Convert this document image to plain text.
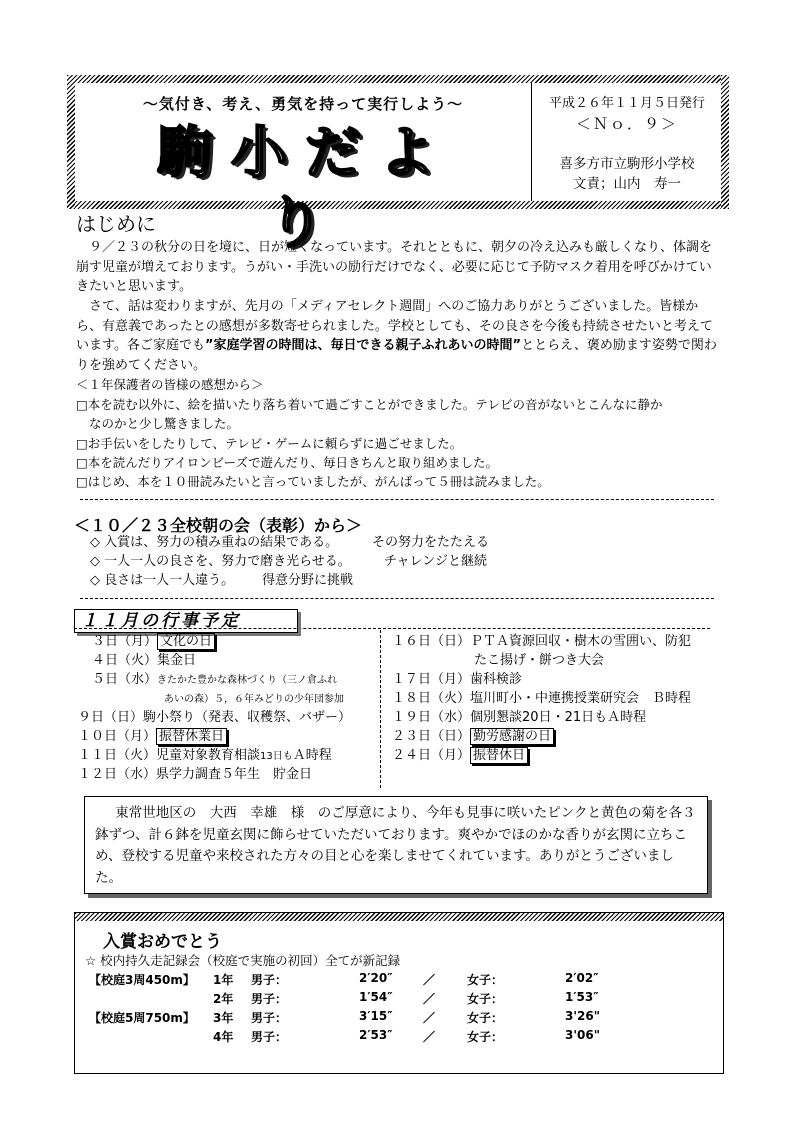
～気付き、考え、勇気を持って実行しよう～
駒小だより
平成２６年１１月５日発行
＜Ｎｏ．９＞
喜多方市立駒形小学校
文責；山内　寿一
はじめに
９／２３の秋分の日を境に、日が短くなっています。それとともに、朝夕の冷え込みも厳しくなり、体調を崩す児童が増えております。うがい・手洗いの励行だけでなく、必要に応じて予防マスク着用を呼びかけていきたいと思います。
さて、話は変わりますが、先月の「メディアセレクト週間」へのご協力ありがとうございました。皆様から、有意義であったとの感想が多数寄せられました。学校としても、その良さを今後も持続させたいと考えています。各ご家庭でも”家庭学習の時間は、毎日できる親子ふれあいの時間”ととらえ、褒め励ます姿勢で関わりを強めてください。
＜１年保護者の皆様の感想から＞
□本を読む以外に、絵を描いたり落ち着いて過ごすことができました。テレビの音がないとこんなに静か
なのかと少し驚きました。
□お手伝いをしたりして、テレビ・ゲームに頼らずに過ごせました。
□本を読んだりアイロンビーズで遊んだり、毎日きちんと取り組めました。
□はじめ、本を１０冊読みたいと言っていましたが、がんばって５冊は読みました。
＜１０／２３全校朝の会（表彰）から＞
◇ 入賞は、努力の積み重ねの結果である。	その努力をたたえる
◇ 一人一人の良さを、努力で磨き光らせる。	チャレンジと継続
◇ 良さは一人一人違う。 得意分野に挑戦
１１月の行事予定
３日（月） 文化の日
４日（火）集金日
５日（水）きたかた豊かな森林づくり（三ノ倉ふれ
あいの森）５，６年みどりの少年団参加
９日（日）駒小祭り（発表、収穫祭、バザー）
１０日（月） 振替休業日
１１日（火）児童対象教育相談13日もＡ時程
１２日（水）県学力調査５年生　貯金日
１６日（日）ＰＴＡ資源回収・樹木の雪囲い、防犯
たこ揚げ・餅つき大会
１７日（月）歯科検診
１８日（火）塩川町小・中連携授業研究会　Ｂ時程
１９日（水）個別懇談20日・21日もＡ時程
２３日（日） 勤労感謝の日
２４日（月） 振替休日
東常世地区の　大西　幸雄　様　のご厚意により、今年も見事に咲いたピンクと黄色の菊を各３鉢ずつ、計６鉢を児童玄関に飾らせていただいております。爽やかでほのかな香りが玄関に立ちこめ、登校する児童や来校された方々の目と心を楽しませてくれています。ありがとうございました。
入賞おめでとう
☆ 校内持久走記録会（校庭で実施の初回）全てが新記録
【校庭3周450m】 1年 男子：	2′20″	／	女子：	2′02″
2年 男子：	1′54″	／	女子：	1′53″
【校庭5周750m】 3年 男子：	3′15″	／	女子：	3'26"
4年 男子：	2′53″	／	女子：	3'06"
